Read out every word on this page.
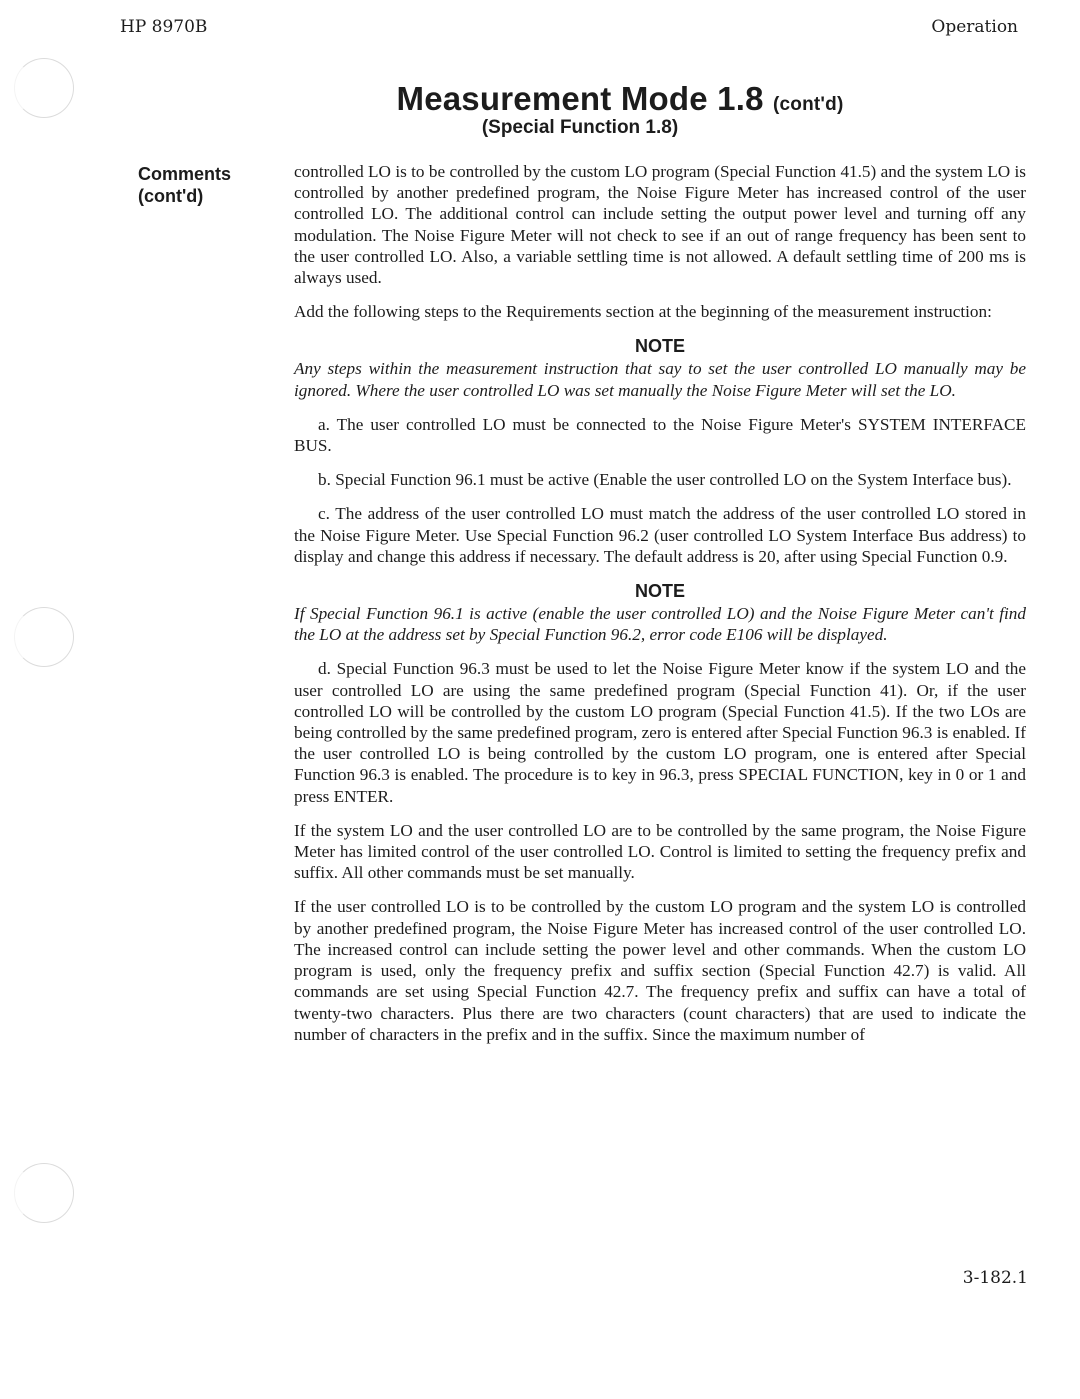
HP 8970B	Operation
Measurement Mode 1.8 (cont'd)
(Special Function 1.8)
Comments
(cont'd)

controlled LO is to be controlled by the custom LO program (Special Function 41.5) and the system LO is controlled by another predefined program, the Noise Figure Meter has increased control of the user controlled LO. The additional control can include setting the output power level and turning off any modulation. The Noise Figure Meter will not check to see if an out of range frequency has been sent to the user controlled LO. Also, a variable settling time is not allowed. A default settling time of 200 ms is always used.

Add the following steps to the Requirements section at the beginning of the measurement instruction:

NOTE

Any steps within the measurement instruction that say to set the user controlled LO manually may be ignored. Where the user controlled LO was set manually the Noise Figure Meter will set the LO.

a. The user controlled LO must be connected to the Noise Figure Meter's SYSTEM INTERFACE BUS.

b. Special Function 96.1 must be active (Enable the user controlled LO on the System Interface bus).

c. The address of the user controlled LO must match the address of the user controlled LO stored in the Noise Figure Meter. Use Special Function 96.2 (user controlled LO System Interface Bus address) to display and change this address if necessary. The default address is 20, after using Special Function 0.9.

NOTE

If Special Function 96.1 is active (enable the user controlled LO) and the Noise Figure Meter can't find the LO at the address set by Special Function 96.2, error code E106 will be displayed.

d. Special Function 96.3 must be used to let the Noise Figure Meter know if the system LO and the user controlled LO are using the same predefined program (Special Function 41). Or, if the user controlled LO will be controlled by the custom LO program (Special Function 41.5). If the two LOs are being controlled by the same predefined program, zero is entered after Special Function 96.3 is enabled. If the user controlled LO is being controlled by the custom LO program, one is entered after Special Function 96.3 is enabled. The procedure is to key in 96.3, press SPECIAL FUNCTION, key in 0 or 1 and press ENTER.

If the system LO and the user controlled LO are to be controlled by the same program, the Noise Figure Meter has limited control of the user controlled LO. Control is limited to setting the frequency prefix and suffix. All other commands must be set manually.

If the user controlled LO is to be controlled by the custom LO program and the system LO is controlled by another predefined program, the Noise Figure Meter has increased control of the user controlled LO. The increased control can include setting the power level and other commands. When the custom LO program is used, only the frequency prefix and suffix section (Special Function 42.7) is valid. All commands are set using Special Function 42.7. The frequency prefix and suffix can have a total of twenty-two characters. Plus there are two characters (count characters) that are used to indicate the number of characters in the prefix and in the suffix. Since the maximum number of

3-182.1
